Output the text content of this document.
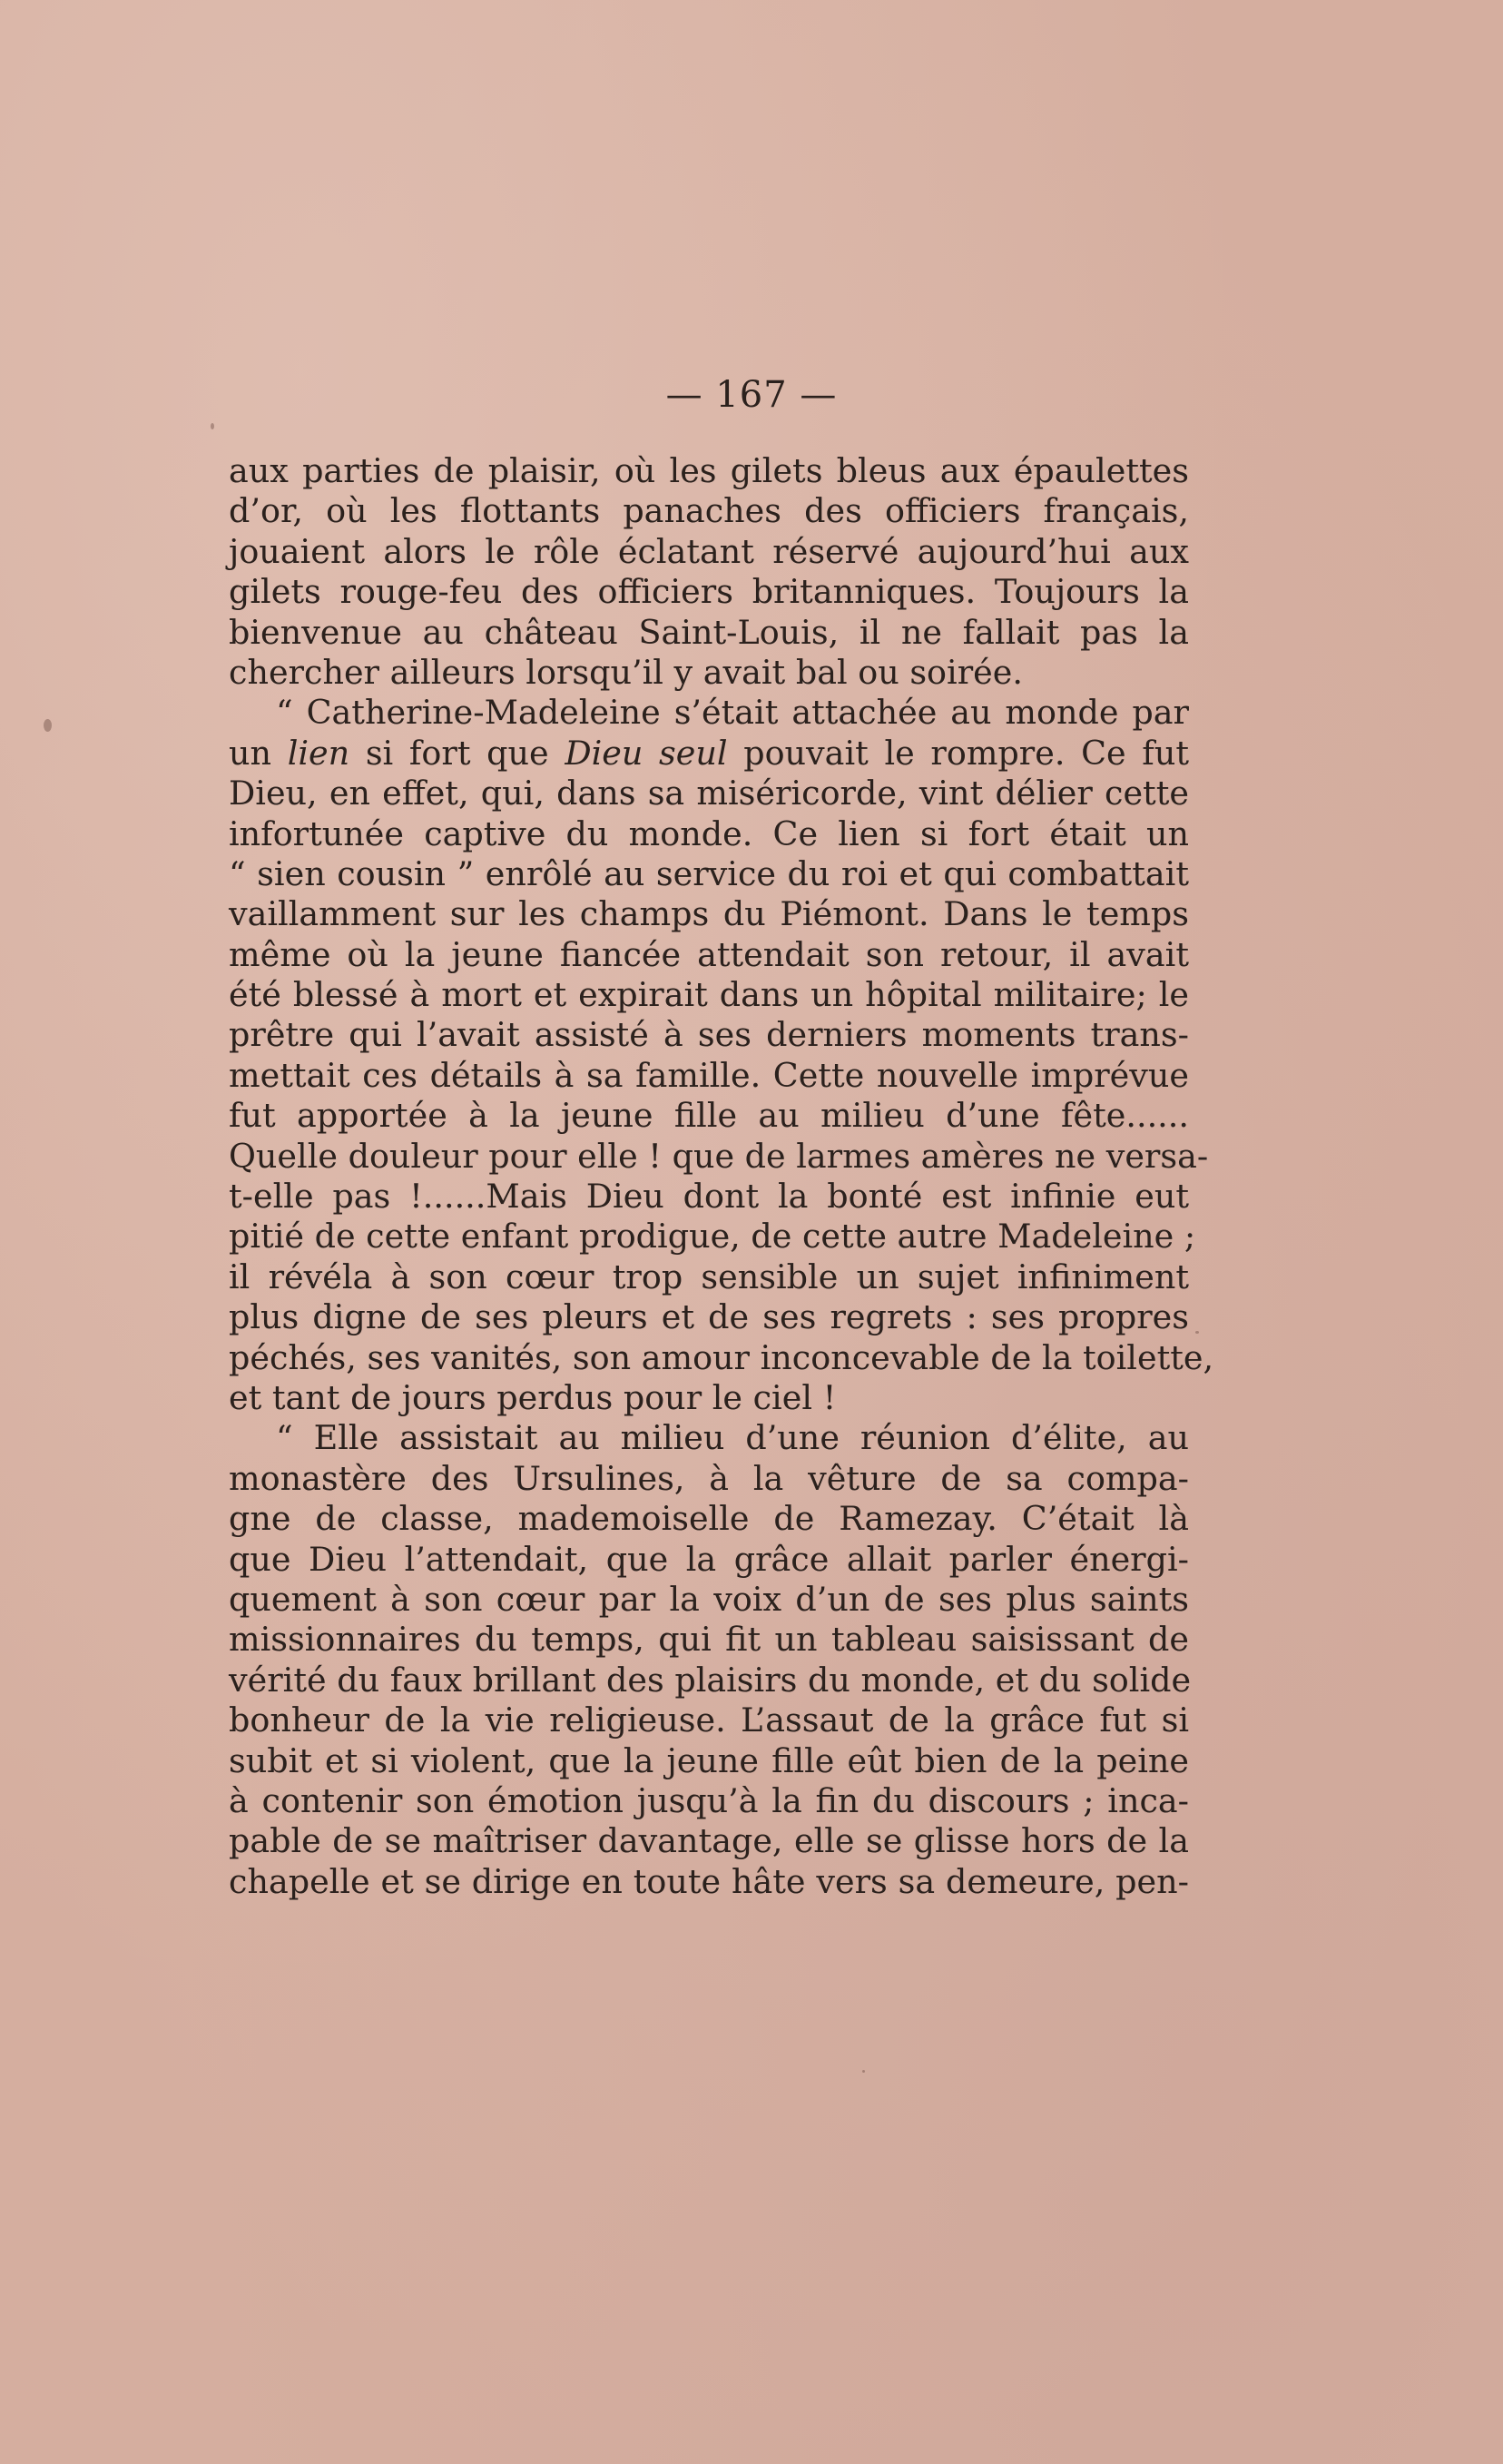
— 167 —
aux parties de plaisir, où les gilets bleus aux épaulettes
d’or, où les flottants panaches des officiers français,
jouaient alors le rôle éclatant réservé aujourd’hui aux
gilets rouge-feu des officiers britanniques. Toujours la
bienvenue au château Saint-Louis, il ne fallait pas la
chercher ailleurs lorsqu’il y avait bal ou soirée.
“ Catherine-Madeleine s’était attachée au monde par
un lien si fort que Dieu seul pouvait le rompre. Ce fut
Dieu, en effet, qui, dans sa miséricorde, vint délier cette
infortunée captive du monde. Ce lien si fort était un
“ sien cousin ” enrôlé au service du roi et qui combattait
vaillamment sur les champs du Piémont. Dans le temps
même où la jeune fiancée attendait son retour, il avait
été blessé à mort et expirait dans un hôpital militaire; le
prêtre qui l’avait assisté à ses derniers moments trans-
mettait ces détails à sa famille. Cette nouvelle imprévue
fut apportée à la jeune fille au milieu d’une fête......
Quelle douleur pour elle ! que de larmes amères ne versa-
t-elle pas !......Mais Dieu dont la bonté est infinie eut
pitié de cette enfant prodigue, de cette autre Madeleine ;
il révéla à son cœur trop sensible un sujet infiniment
plus digne de ses pleurs et de ses regrets : ses propres
péchés, ses vanités, son amour inconcevable de la toilette,
et tant de jours perdus pour le ciel !
“ Elle assistait au milieu d’une réunion d’élite, au
monastère des Ursulines, à la vêture de sa compa-
gne de classe, mademoiselle de Ramezay. C’était là
que Dieu l’attendait, que la grâce allait parler énergi-
quement à son cœur par la voix d’un de ses plus saints
missionnaires du temps, qui fit un tableau saisissant de
vérité du faux brillant des plaisirs du monde, et du solide
bonheur de la vie religieuse. L’assaut de la grâce fut si
subit et si violent, que la jeune fille eût bien de la peine
à contenir son émotion jusqu’à la fin du discours ; inca-
pable de se maîtriser davantage, elle se glisse hors de la
chapelle et se dirige en toute hâte vers sa demeure, pen-
